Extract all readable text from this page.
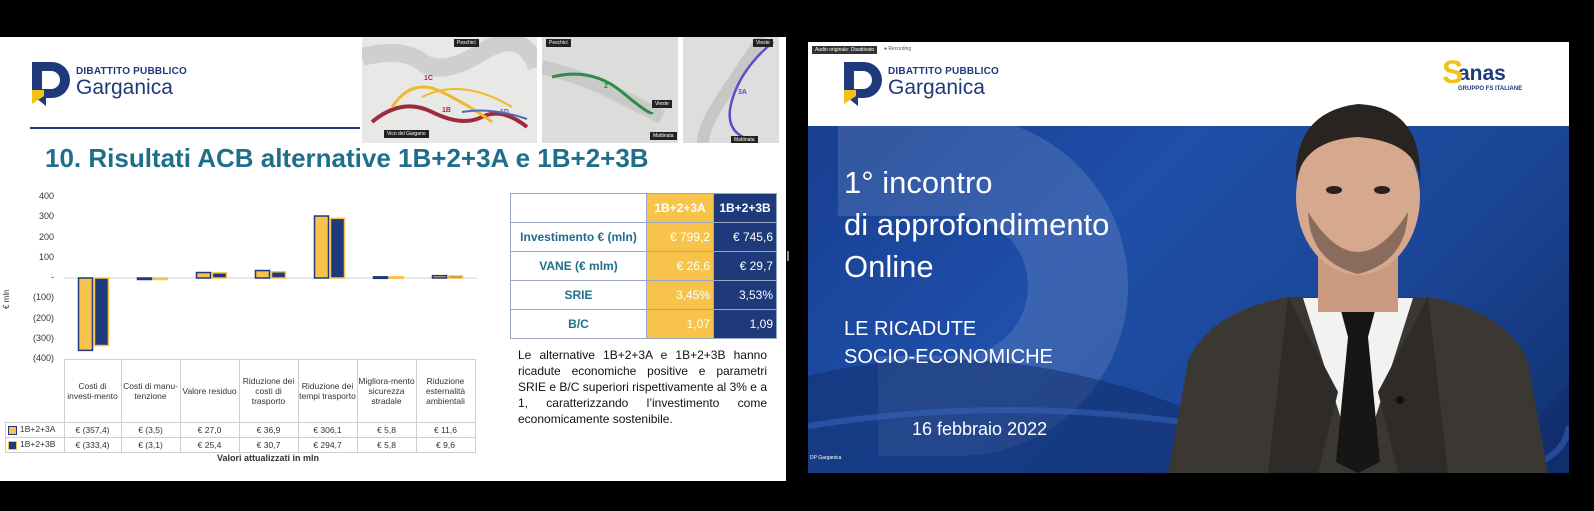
DIBATTITO PUBBLICO
Garganica
Peschici
Vico del Gargano
1C
1B	1D
Peschici
Vieste
Mattinata
2
Vieste
Mattinata
3A
10. Risultati ACB alternative 1B+2+3A e 1B+2+3B
€ mln
400
300
200
100
-
(100)
(200)
(300)
(400)
	Costi di investi-mento	Costi di manu-tenzione	Valore residuo	Riduzione dei costi di trasporto	Riduzione dei tempi trasporto	Migliora-mento sicurezza stradale	Riduzione esternalità ambientali
1B+2+3A	€ (357,4)	€ (3,5)	€ 27,0	€ 36,9	€ 306,1	€ 5,8	€ 11,6
1B+2+3B	€ (333,4)	€ (3,1)	€ 25,4	€ 30,7	€ 294,7	€ 5,8	€ 9,6
Valori attualizzati in mln
	1B+2+3A	1B+2+3B
Investimento € (mln)	€ 799,2	€ 745,6
VANE (€ mlm)	€ 26,6	€ 29,7
SRIE	3,45%	3,53%
B/C	1,07	1,09
Le alternative 1B+2+3A e 1B+2+3B hanno ricadute economiche positive e parametri SRIE e B/C superiori rispettivamente al 3% e a 1, caratterizzando l’investimento come economicamente sostenibile.
Audio originale: Disattivato	● Recording
DIBATTITO PUBBLICO
Garganica	S
anas
GRUPPO FS ITALIANE
1° incontro
di approfondimento
Online
LE RICADUTE
SOCIO-ECONOMICHE
16 febbraio 2022
DP Garganica
